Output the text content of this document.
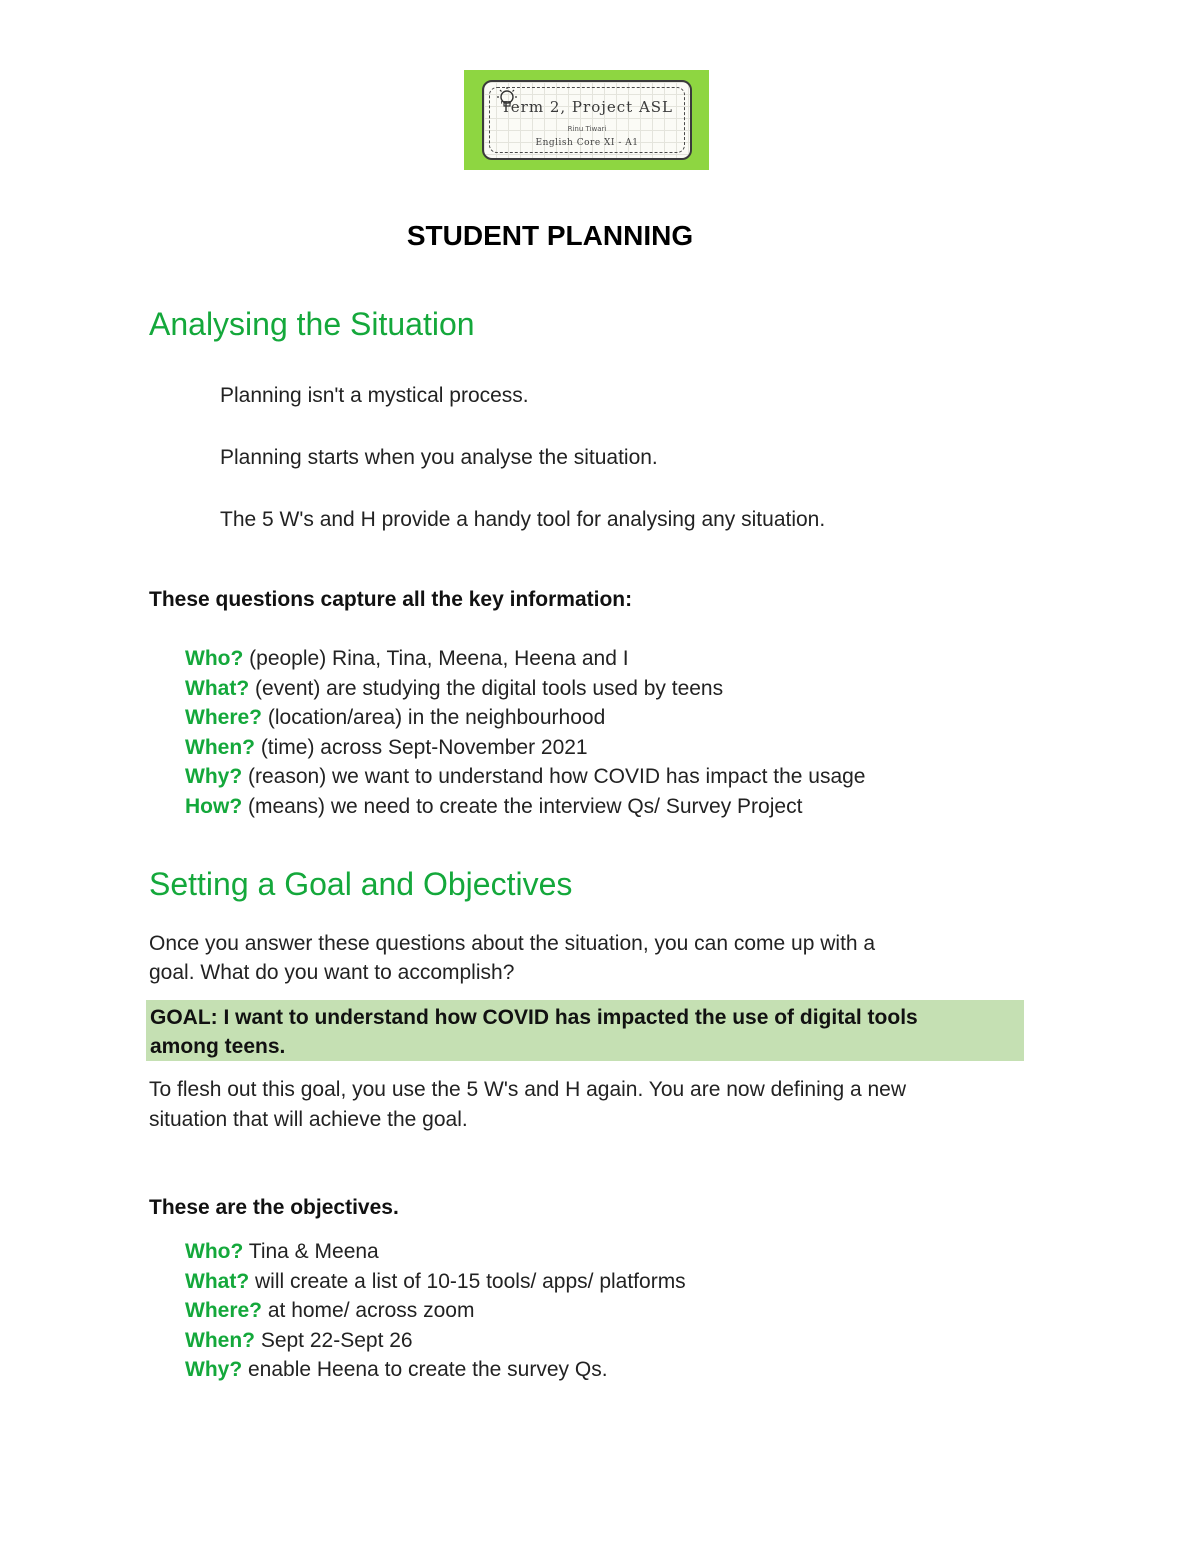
Term 2, Project ASL
Rinu Tiwari
English Core XI - A1
STUDENT PLANNING
Analysing the Situation
Planning isn't a mystical process.
Planning starts when you analyse the situation.
The 5 W's and H provide a handy tool for analysing any situation.
These questions capture all the key information:
Who? (people) Rina, Tina, Meena, Heena and I
What? (event) are studying the digital tools used by teens
Where? (location/area) in the neighbourhood
When? (time) across Sept-November 2021
Why? (reason) we want to understand how COVID has impact the usage
How? (means) we need to create the interview Qs/ Survey Project
Setting a Goal and Objectives
Once you answer these questions about the situation, you can come up with a
goal. What do you want to accomplish?
GOAL: I want to understand how COVID has impacted the use of digital tools
among teens.
To flesh out this goal, you use the 5 W's and H again. You are now defining a new
situation that will achieve the goal.
These are the objectives.
Who? Tina & Meena
What? will create a list of 10-15 tools/ apps/ platforms
Where? at home/ across zoom
When? Sept 22-Sept 26
Why? enable Heena to create the survey Qs.
